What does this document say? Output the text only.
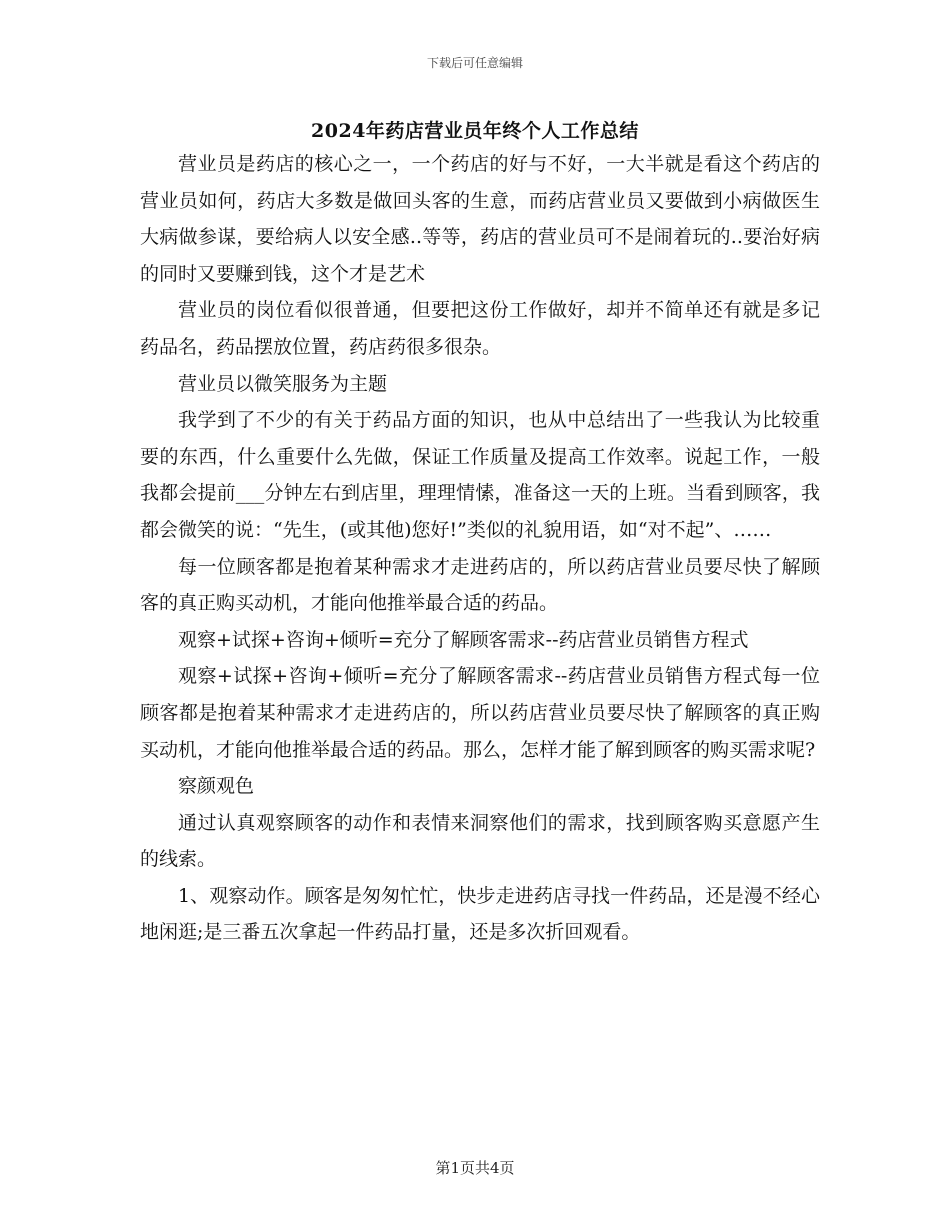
下载后可任意编辑
2024年药店营业员年终个人工作总结

营业员是药店的核心之一，一个药店的好与不好，一大半就是看这个药店的营业员如何，药店大多数是做回头客的生意，而药店营业员又要做到小病做医生大病做参谋，要给病人以安全感..等等，药店的营业员可不是闹着玩的..要治好病的同时又要赚到钱，这个才是艺术

营业员的岗位看似很普通，但要把这份工作做好，却并不简单还有就是多记药品名，药品摆放位置，药店药很多很杂。

营业员以微笑服务为主题

我学到了不少的有关于药品方面的知识，也从中总结出了一些我认为比较重要的东西，什么重要什么先做，保证工作质量及提高工作效率。说起工作，一般我都会提前___分钟左右到店里，理理情愫，准备这一天的上班。当看到顾客，我都会微笑的说：“先生，(或其他)您好!”类似的礼貌用语，如“对不起”、……

每一位顾客都是抱着某种需求才走进药店的，所以药店营业员要尽快了解顾客的真正购买动机，才能向他推举最合适的药品。

观察+试探+咨询+倾听=充分了解顾客需求--药店营业员销售方程式

观察+试探+咨询+倾听=充分了解顾客需求--药店营业员销售方程式每一位顾客都是抱着某种需求才走进药店的，所以药店营业员要尽快了解顾客的真正购买动机，才能向他推举最合适的药品。那么，怎样才能了解到顾客的购买需求呢?

察颜观色

通过认真观察顾客的动作和表情来洞察他们的需求，找到顾客购买意愿产生的线索。

1、观察动作。顾客是匆匆忙忙，快步走进药店寻找一件药品，还是漫不经心地闲逛;是三番五次拿起一件药品打量，还是多次折回观看。

第1页共4页
